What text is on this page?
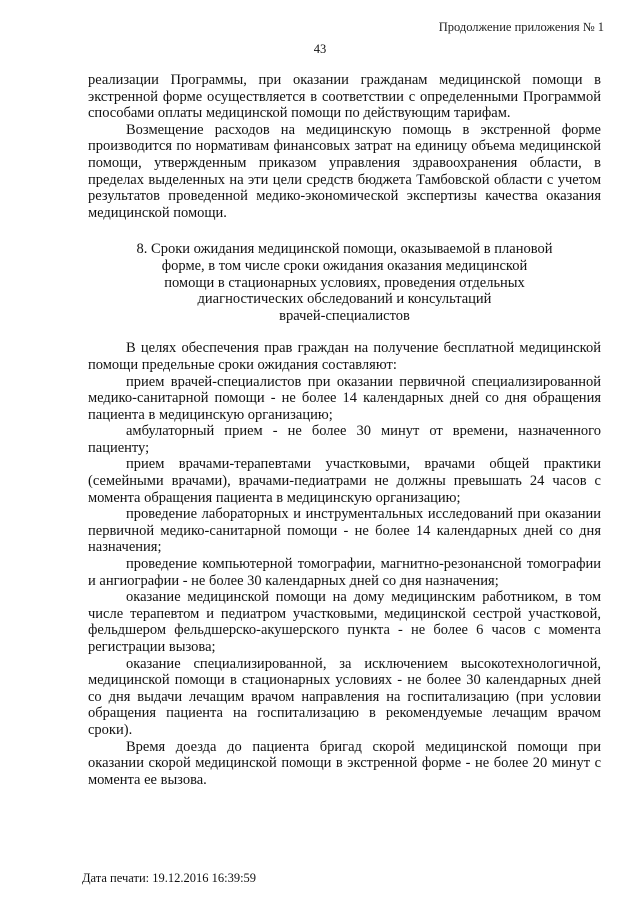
Продолжение приложения № 1
43

реализации Программы, при оказании гражданам медицинской помощи в экстренной форме осуществляется в соответствии с определенными Программой способами оплаты медицинской помощи по действующим тарифам.

Возмещение расходов на медицинскую помощь в экстренной форме производится по нормативам финансовых затрат на единицу объема медицинской помощи, утвержденным приказом управления здравоохранения области, в пределах выделенных на эти цели средств бюджета Тамбовской области с учетом результатов проведенной медико-экономической экспертизы качества оказания медицинской помощи.

8. Сроки ожидания медицинской помощи, оказываемой в плановой
форме, в том числе сроки ожидания оказания медицинской
помощи в стационарных условиях, проведения отдельных
диагностических обследований и консультаций
врачей-специалистов

В целях обеспечения прав граждан на получение бесплатной медицинской помощи предельные сроки ожидания составляют:

прием врачей-специалистов при оказании первичной специализированной медико-санитарной помощи - не более 14 календарных дней со дня обращения пациента в медицинскую организацию;

амбулаторный прием - не более 30 минут от времени, назначенного пациенту;

прием врачами-терапевтами участковыми, врачами общей практики (семейными врачами), врачами-педиатрами не должны превышать 24 часов с момента обращения пациента в медицинскую организацию;

проведение лабораторных и инструментальных исследований при оказании первичной медико-санитарной помощи - не более 14 календарных дней со дня назначения;

проведение компьютерной томографии, магнитно-резонансной томографии и ангиографии - не более 30 календарных дней со дня назначения;

оказание медицинской помощи на дому медицинским работником, в том числе терапевтом и педиатром участковыми, медицинской сестрой участковой, фельдшером фельдшерско-акушерского пункта - не более 6 часов с момента регистрации вызова;

оказание специализированной, за исключением высокотехнологичной, медицинской помощи в стационарных условиях - не более 30 календарных дней со дня выдачи лечащим врачом направления на госпитализацию (при условии обращения пациента на госпитализацию в рекомендуемые лечащим врачом сроки).

Время доезда до пациента бригад скорой медицинской помощи при оказании скорой медицинской помощи в экстренной форме - не более 20 минут с момента ее вызова.

Дата печати: 19.12.2016 16:39:59
